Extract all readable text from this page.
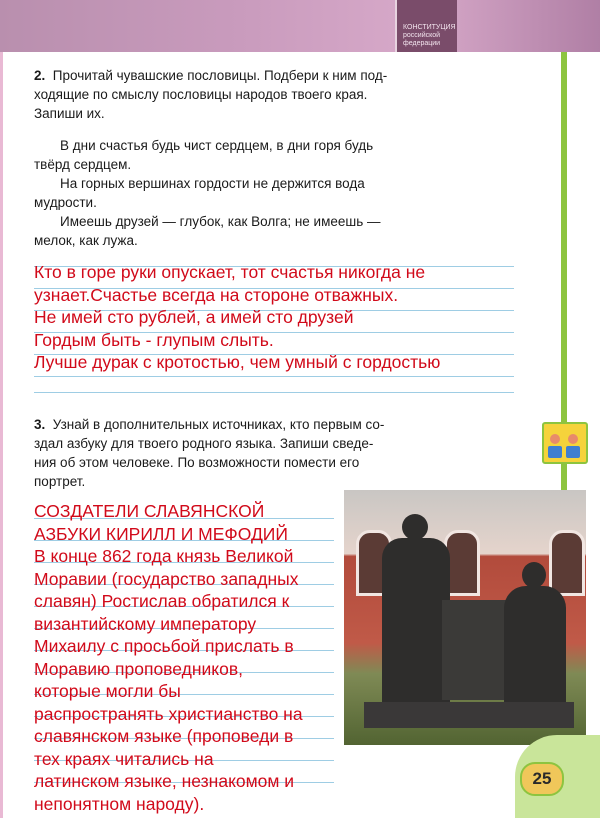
КОНСТИТУЦИЯ российской федерации
2. Прочитай чувашские пословицы. Подбери к ним под-
ходящие по смыслу пословицы народов твоего края.
Запиши их.
В дни счастья будь чист сердцем, в дни горя будь
твёрд сердцем.
На горных вершинах гордости не держится вода
мудрости.
Имеешь друзей — глубок, как Волга; не имеешь —
мелок, как лужа.
Кто в горе руки опускает, тот счастья никогда не
узнает.Счастье всегда на стороне отважных.
Не имей сто рублей, а имей сто друзей
Гордым быть - глупым слыть.
Лучше дурак с кротостью, чем умный с гордостью
3. Узнай в дополнительных источниках, кто первым со-
здал азбуку для твоего родного языка. Запиши сведе-
ния об этом человеке. По возможности помести его
портрет.
СОЗДАТЕЛИ СЛАВЯНСКОЙ
АЗБУКИ КИРИЛЛ И МЕФОДИЙ
В конце 862 года князь Великой
Моравии (государство западных
славян) Ростислав обратился к
византийскому императору
Михаилу с просьбой прислать в
Моравию проповедников,
которые могли бы
распространять христианство на
славянском языке (проповеди в
тех краях читались на
латинском языке, незнакомом и
непонятном народу).
25
